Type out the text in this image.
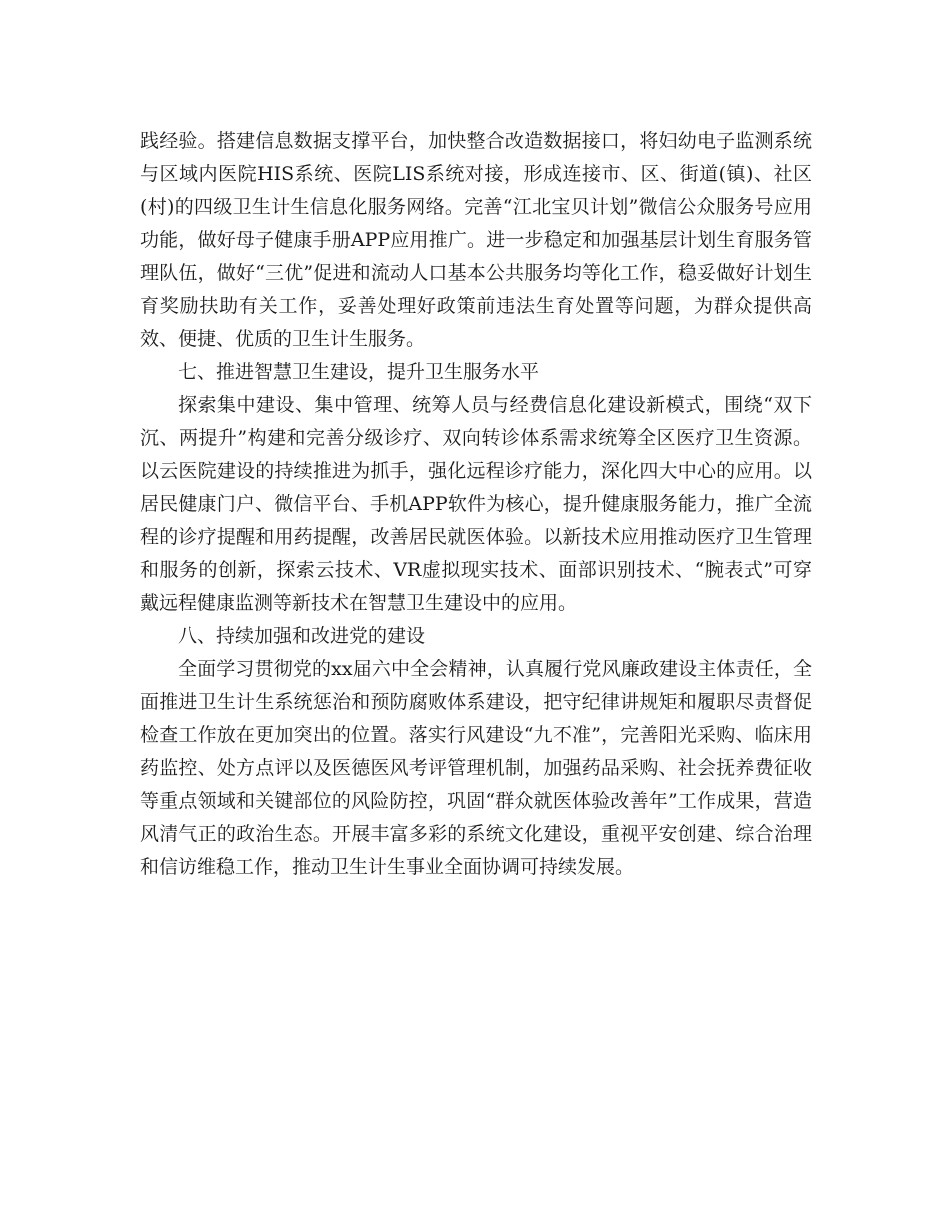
践经验。搭建信息数据支撑平台，加快整合改造数据接口，将妇幼电子监测系统与区域内医院HIS系统、医院LIS系统对接，形成连接市、区、街道(镇)、社区(村)的四级卫生计生信息化服务网络。完善“江北宝贝计划”微信公众服务号应用功能，做好母子健康手册APP应用推广。进一步稳定和加强基层计划生育服务管理队伍，做好“三优”促进和流动人口基本公共服务均等化工作，稳妥做好计划生育奖励扶助有关工作，妥善处理好政策前违法生育处置等问题，为群众提供高效、便捷、优质的卫生计生服务。

七、推进智慧卫生建设，提升卫生服务水平

探索集中建设、集中管理、统筹人员与经费信息化建设新模式，围绕“双下沉、两提升”构建和完善分级诊疗、双向转诊体系需求统筹全区医疗卫生资源。以云医院建设的持续推进为抓手，强化远程诊疗能力，深化四大中心的应用。以居民健康门户、微信平台、手机APP软件为核心，提升健康服务能力，推广全流程的诊疗提醒和用药提醒，改善居民就医体验。以新技术应用推动医疗卫生管理和服务的创新，探索云技术、VR虚拟现实技术、面部识别技术、“腕表式”可穿戴远程健康监测等新技术在智慧卫生建设中的应用。

八、持续加强和改进党的建设

全面学习贯彻党的xx届六中全会精神，认真履行党风廉政建设主体责任，全面推进卫生计生系统惩治和预防腐败体系建设，把守纪律讲规矩和履职尽责督促检查工作放在更加突出的位置。落实行风建设“九不准”，完善阳光采购、临床用药监控、处方点评以及医德医风考评管理机制，加强药品采购、社会抚养费征收等重点领域和关键部位的风险防控，巩固“群众就医体验改善年”工作成果，营造风清气正的政治生态。开展丰富多彩的系统文化建设，重视平安创建、综合治理和信访维稳工作，推动卫生计生事业全面协调可持续发展。
